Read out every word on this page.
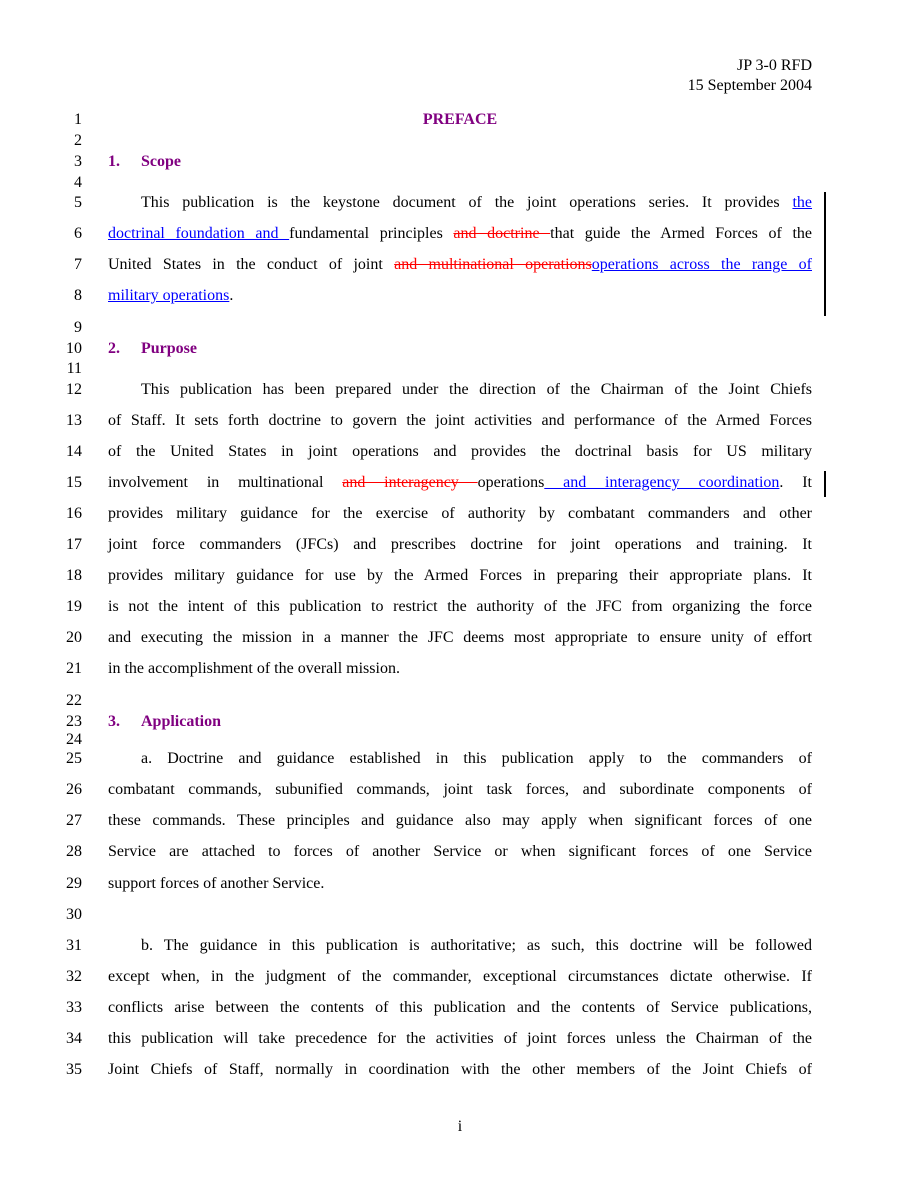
JP 3-0 RFD
15 September 2004
1
2
3
4
5
6
7
8
9
10
11
12
13
14
15
16
17
18
19
20
21
22
23
24
25
26
27
28
29
30
31
32
33
34
35
PREFACE
1. Scope
This publication is the keystone document of the joint operations series. It provides the
doctrinal foundation and fundamental principles and doctrine that guide the Armed Forces of the
United States in the conduct of joint and multinational operationsoperations across the range of
military operations.
2. Purpose
This publication has been prepared under the direction of the Chairman of the Joint Chiefs
of Staff. It sets forth doctrine to govern the joint activities and performance of the Armed Forces
of the United States in joint operations and provides the doctrinal basis for US military
involvement in multinational and interagency operations and interagency coordination. It
provides military guidance for the exercise of authority by combatant commanders and other
joint force commanders (JFCs) and prescribes doctrine for joint operations and training. It
provides military guidance for use by the Armed Forces in preparing their appropriate plans. It
is not the intent of this publication to restrict the authority of the JFC from organizing the force
and executing the mission in a manner the JFC deems most appropriate to ensure unity of effort
in the accomplishment of the overall mission.
3. Application
a. Doctrine and guidance established in this publication apply to the commanders of
combatant commands, subunified commands, joint task forces, and subordinate components of
these commands. These principles and guidance also may apply when significant forces of one
Service are attached to forces of another Service or when significant forces of one Service
support forces of another Service.
b. The guidance in this publication is authoritative; as such, this doctrine will be followed
except when, in the judgment of the commander, exceptional circumstances dictate otherwise. If
conflicts arise between the contents of this publication and the contents of Service publications,
this publication will take precedence for the activities of joint forces unless the Chairman of the
Joint Chiefs of Staff, normally in coordination with the other members of the Joint Chiefs of
i
